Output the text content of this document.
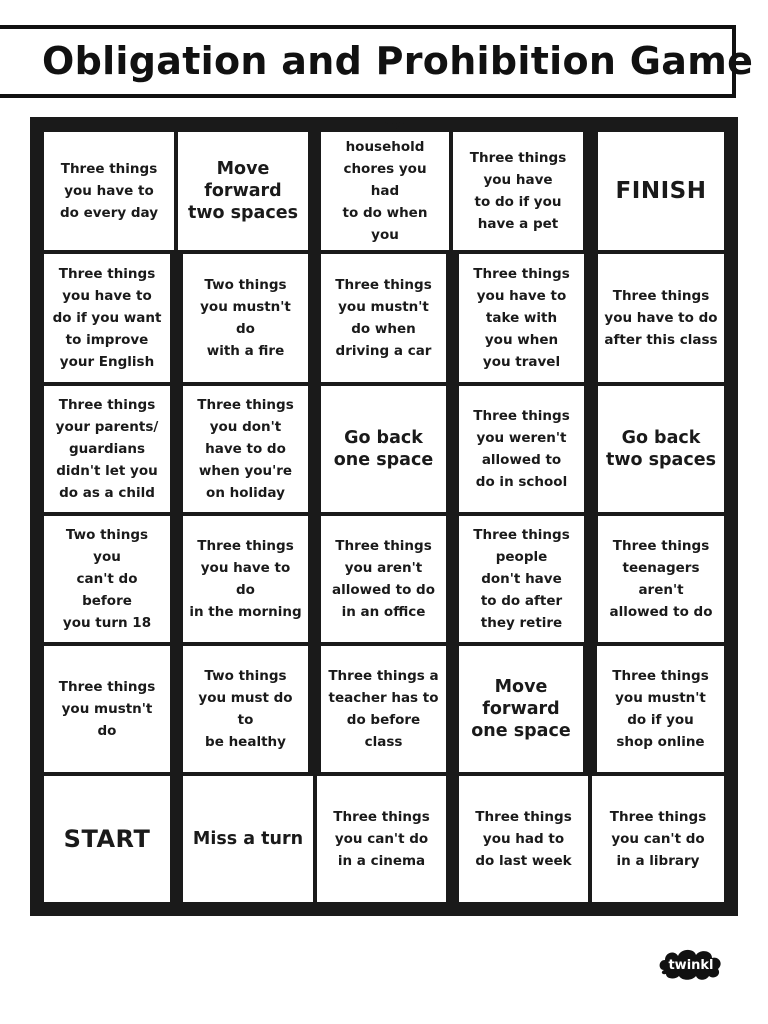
Obligation and Prohibition Game
Three things
you have to
do every day
Move
forward
two spaces
Three
household
chores you had
to do when you

Three things
you have
to do if you
have a pet
FINISH
Three things
you have to
do if you want
to improve
your English
Two things
you mustn't do
with a fire
Three things
you mustn't
do when
driving a car
Three things
you have to
take with
you when
you travel
Three things
you have to do
after this class
Three things
your parents/
guardians
didn't let you
do as a child
Three things
you don't
have to do
when you're
on holiday
Go back
one space
Three things
you weren't
allowed to
do in school
Go back
two spaces
Two things you
can't do before
you turn 18
Three things
you have to do
in the morning
Three things
you aren't
allowed to do
in an office
Three things
people
don't have
to do after
they retire
Three things
teenagers
aren't
allowed to do
Three things
you mustn't do
Two things
you must do to
be healthy
Three things a
teacher has to
do before class
Move
forward
one space
Three things
you mustn't
do if you
shop online
START Miss a turn
Three things
you can't do
in a cinema
Three things
you had to
do last week
Three things
you can't do
in a library
twinkl
